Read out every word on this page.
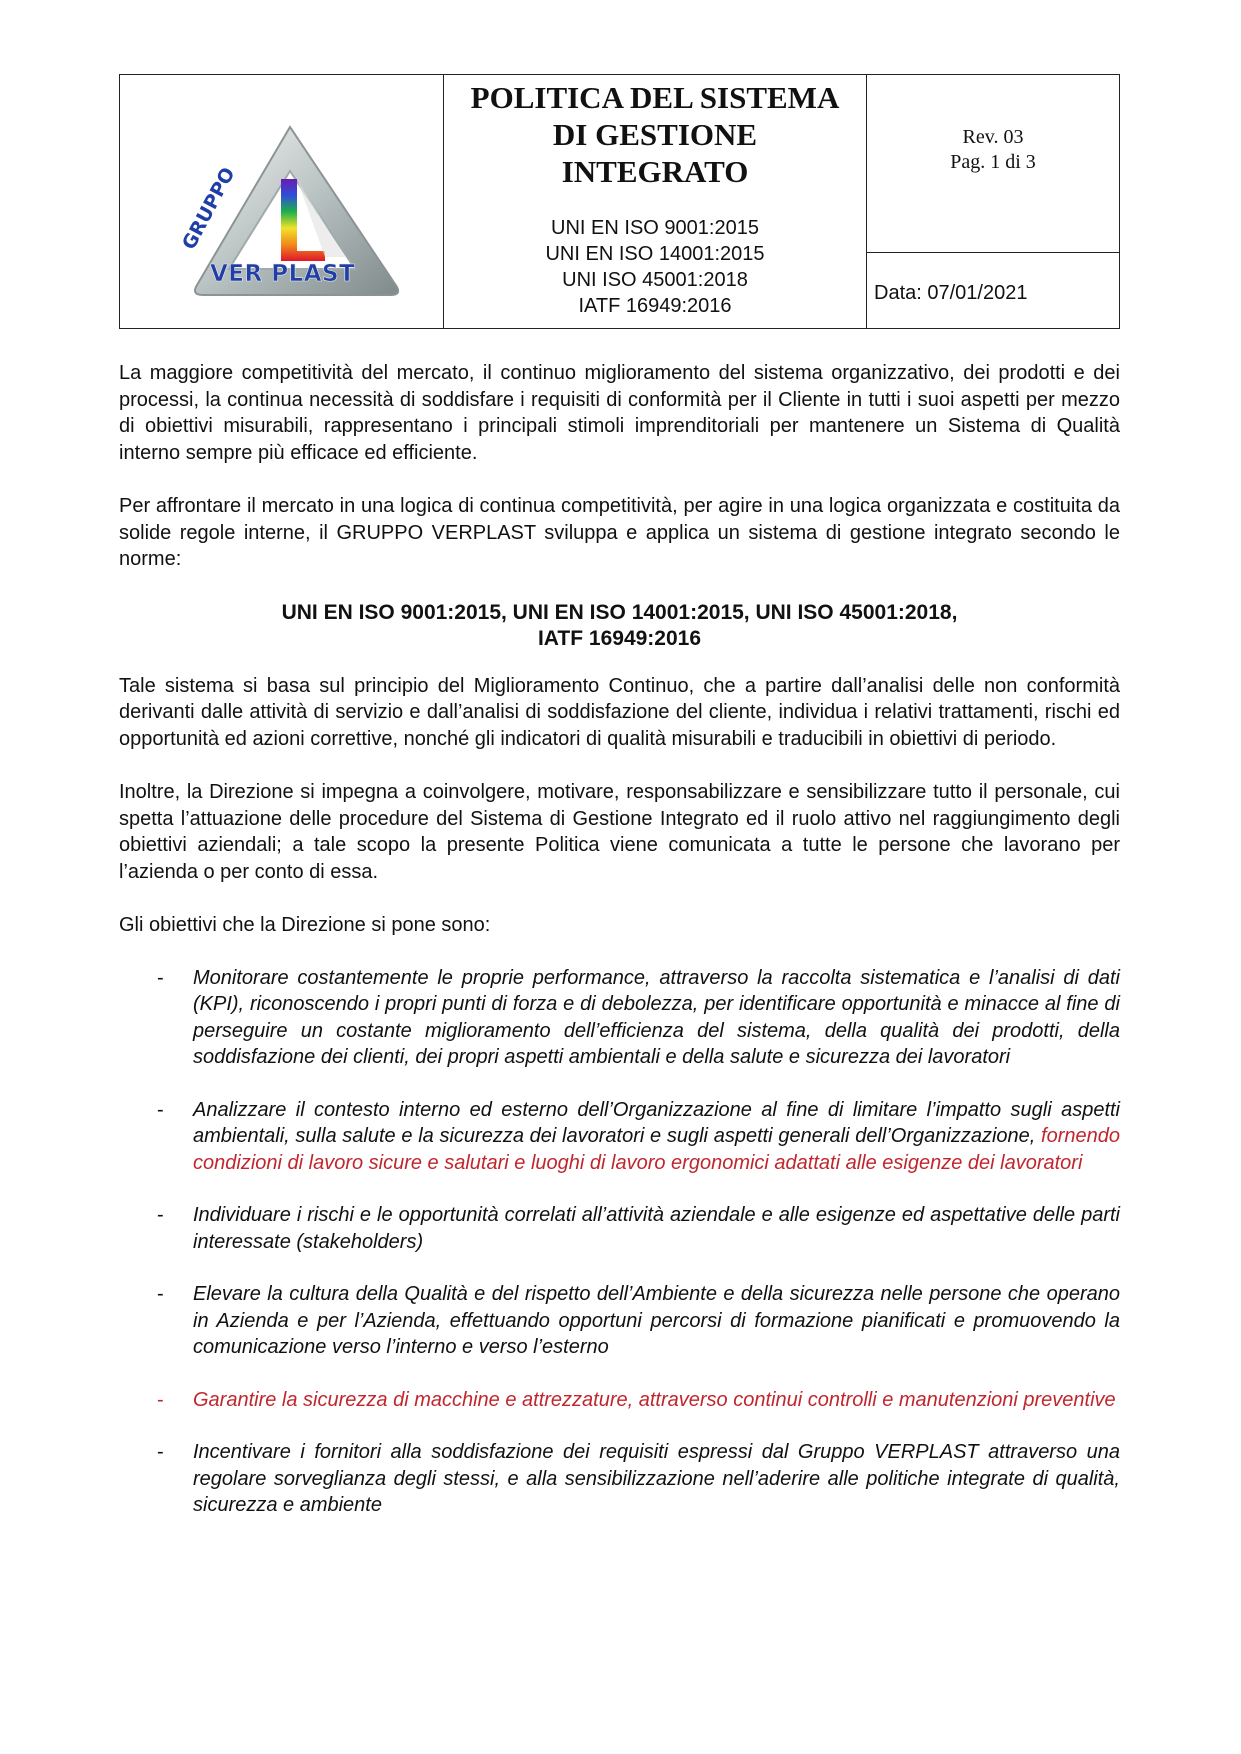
GRUPPO
VER PLAST
POLITICA DEL SISTEMA
DI GESTIONE
INTEGRATO
UNI EN ISO 9001:2015
UNI EN ISO 14001:2015
UNI ISO 45001:2018
IATF 16949:2016
Rev. 03
Pag. 1 di 3
Data: 07/01/2021

La maggiore competitività del mercato, il continuo miglioramento del sistema organizzativo, dei prodotti e dei processi, la continua necessità di soddisfare i requisiti di conformità per il Cliente in tutti i suoi aspetti per mezzo di obiettivi misurabili, rappresentano i principali stimoli imprenditoriali per mantenere un Sistema di Qualità interno sempre più efficace ed efficiente.

Per affrontare il mercato in una logica di continua competitività, per agire in una logica organizzata e costituita da solide regole interne, il GRUPPO VERPLAST sviluppa e applica un sistema di gestione integrato secondo le norme:

UNI EN ISO 9001:2015, UNI EN ISO 14001:2015, UNI ISO 45001:2018,
IATF 16949:2016

Tale sistema si basa sul principio del Miglioramento Continuo, che a partire dall’analisi delle non conformità derivanti dalle attività di servizio e dall’analisi di soddisfazione del cliente, individua i relativi trattamenti, rischi ed opportunità ed azioni correttive, nonché gli indicatori di qualità misurabili e traducibili in obiettivi di periodo.

Inoltre, la Direzione si impegna a coinvolgere, motivare, responsabilizzare e sensibilizzare tutto il personale, cui spetta l’attuazione delle procedure del Sistema di Gestione Integrato ed il ruolo attivo nel raggiungimento degli obiettivi aziendali; a tale scopo la presente Politica viene comunicata a tutte le persone che lavorano per l’azienda o per conto di essa.

Gli obiettivi che la Direzione si pone sono:

- Monitorare costantemente le proprie performance, attraverso la raccolta sistematica e l’analisi di dati (KPI), riconoscendo i propri punti di forza e di debolezza, per identificare opportunità e minacce al fine di perseguire un costante miglioramento dell’efficienza del sistema, della qualità dei prodotti, della soddisfazione dei clienti, dei propri aspetti ambientali e della salute e sicurezza dei lavoratori
- Analizzare il contesto interno ed esterno dell’Organizzazione al fine di limitare l’impatto sugli aspetti ambientali, sulla salute e la sicurezza dei lavoratori e sugli aspetti generali dell’Organizzazione, fornendo condizioni di lavoro sicure e salutari e luoghi di lavoro ergonomici adattati alle esigenze dei lavoratori
- Individuare i rischi e le opportunità correlati all’attività aziendale e alle esigenze ed aspettative delle parti interessate (stakeholders)
- Elevare la cultura della Qualità e del rispetto dell’Ambiente e della sicurezza nelle persone che operano in Azienda e per l’Azienda, effettuando opportuni percorsi di formazione pianificati e promuovendo la comunicazione verso l’interno e verso l’esterno
- Garantire la sicurezza di macchine e attrezzature, attraverso continui controlli e manutenzioni preventive
- Incentivare i fornitori alla soddisfazione dei requisiti espressi dal Gruppo VERPLAST attraverso una regolare sorveglianza degli stessi, e alla sensibilizzazione nell’aderire alle politiche integrate di qualità, sicurezza e ambiente
